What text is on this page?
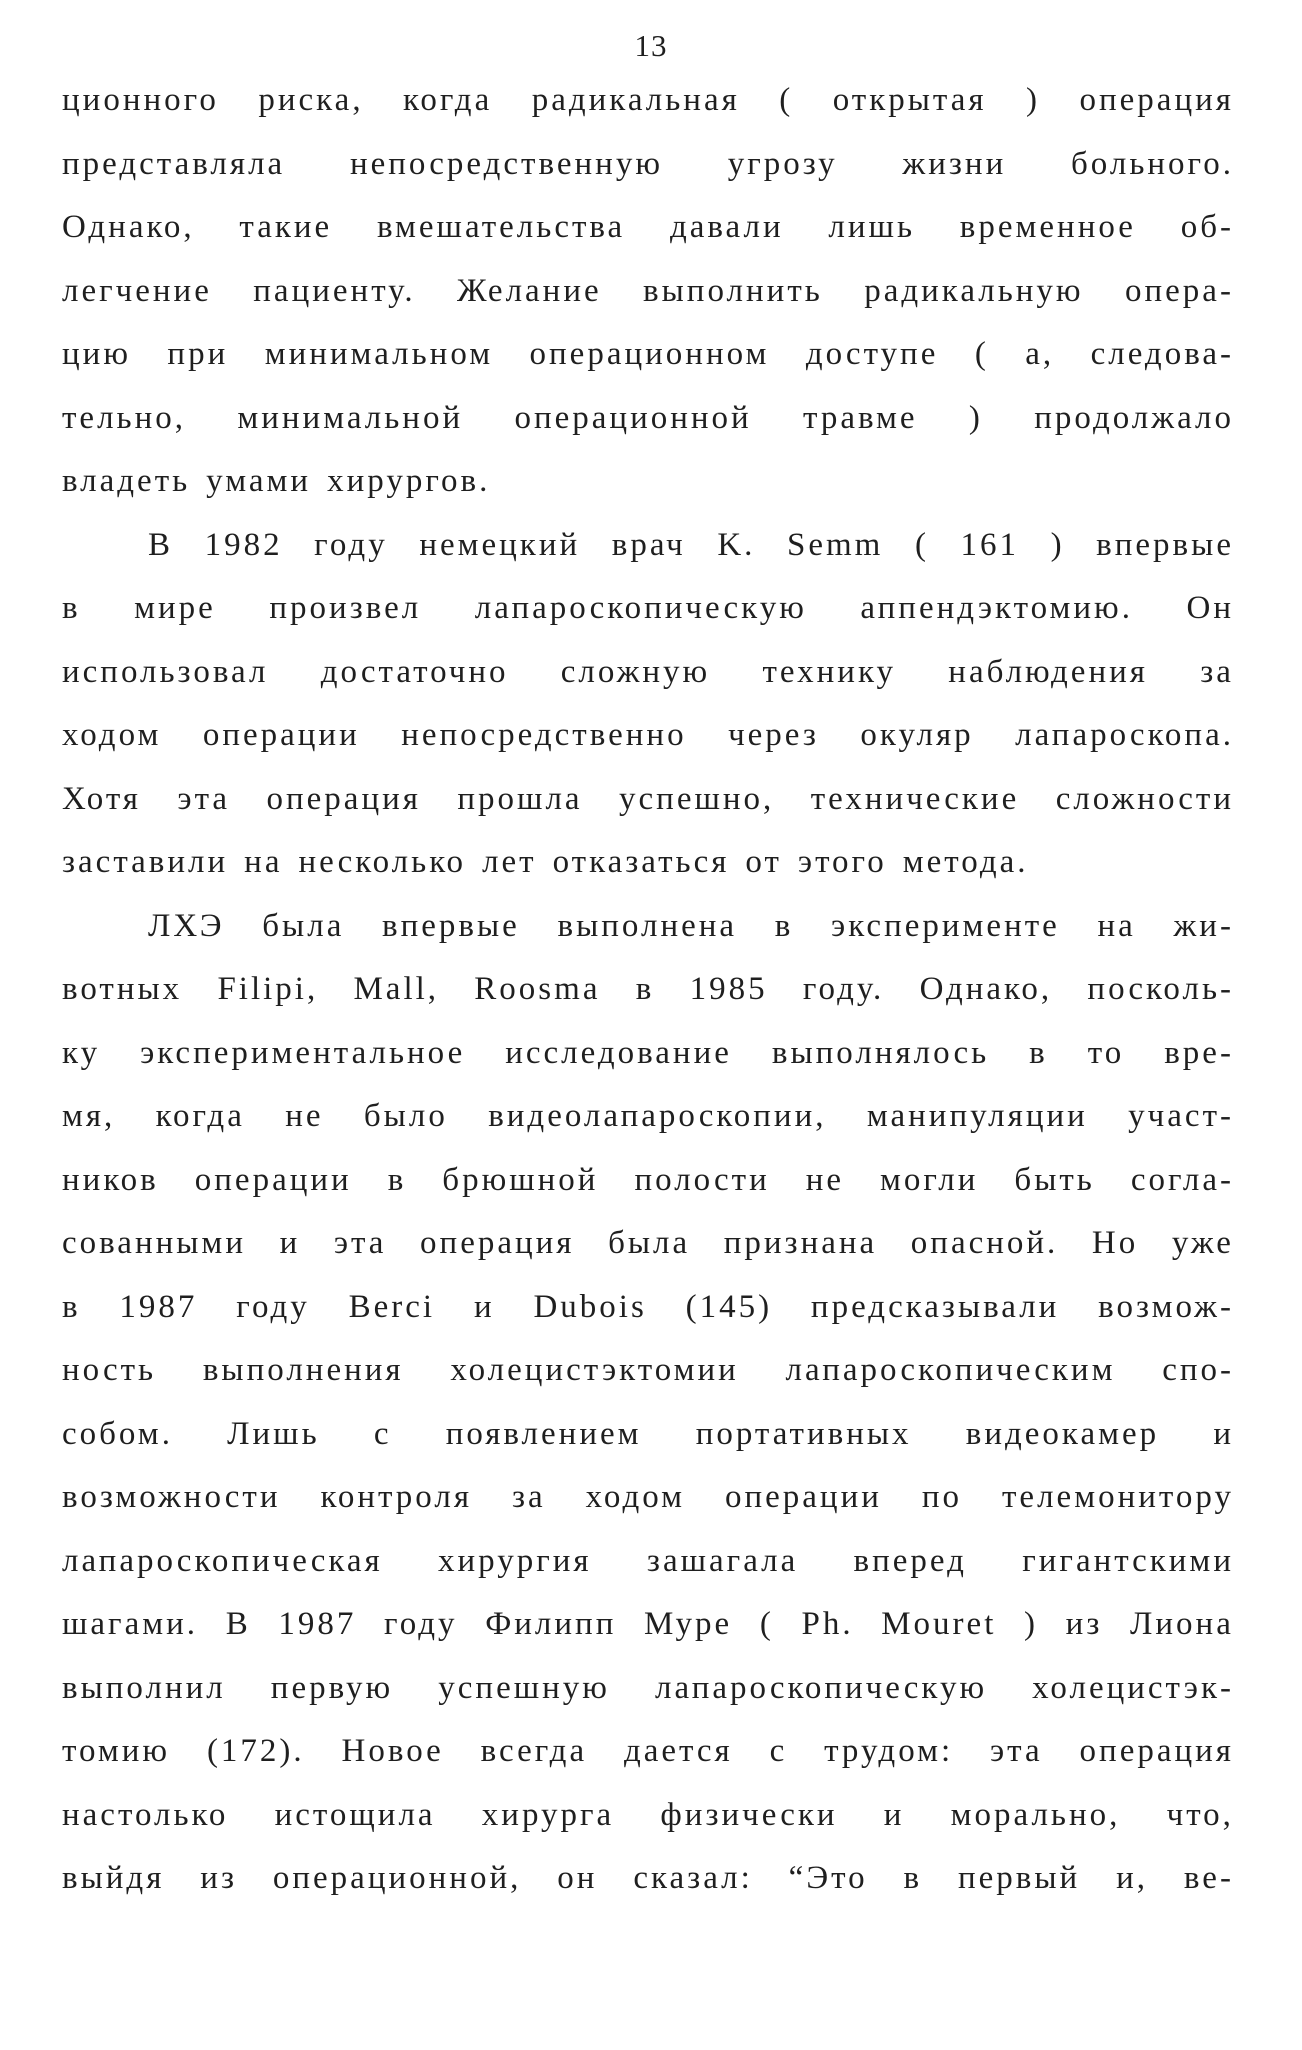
13
ционного риска, когда радикальная ( открытая ) операция
представляла непосредственную угрозу жизни больного.
Однако, такие вмешательства давали лишь временное об-
легчение пациенту. Желание выполнить радикальную опера-
цию при минимальном операционном доступе ( а, следова-
тельно, минимальной операционной травме ) продолжало
владеть умами хирургов.
В 1982 году немецкий врач K. Semm ( 161 ) впервые
в мире произвел лапароскопическую аппендэктомию. Он
использовал достаточно сложную технику наблюдения за
ходом операции непосредственно через окуляр лапароскопа.
Хотя эта операция прошла успешно, технические сложности
заставили на несколько лет отказаться от этого метода.
ЛХЭ была впервые выполнена в эксперименте на жи-
вотных Filipi, Mall, Roosma в 1985 году. Однако, посколь-
ку экспериментальное исследование выполнялось в то вре-
мя, когда не было видеолапароскопии, манипуляции участ-
ников операции в брюшной полости не могли быть согла-
сованными и эта операция была признана опасной. Но уже
в 1987 году Berci и Dubois (145) предсказывали возмож-
ность выполнения холецистэктомии лапароскопическим спо-
собом. Лишь с появлением портативных видеокамер и
возможности контроля за ходом операции по телемонитору
лапароскопическая хирургия зашагала вперед гигантскими
шагами. В 1987 году Филипп Муре ( Ph. Mouret ) из Лиона
выполнил первую успешную лапароскопическую холецистэк-
томию (172). Новое всегда дается с трудом: эта операция
настолько истощила хирурга физически и морально, что,
выйдя из операционной, он сказал: “Это в первый и, ве-
